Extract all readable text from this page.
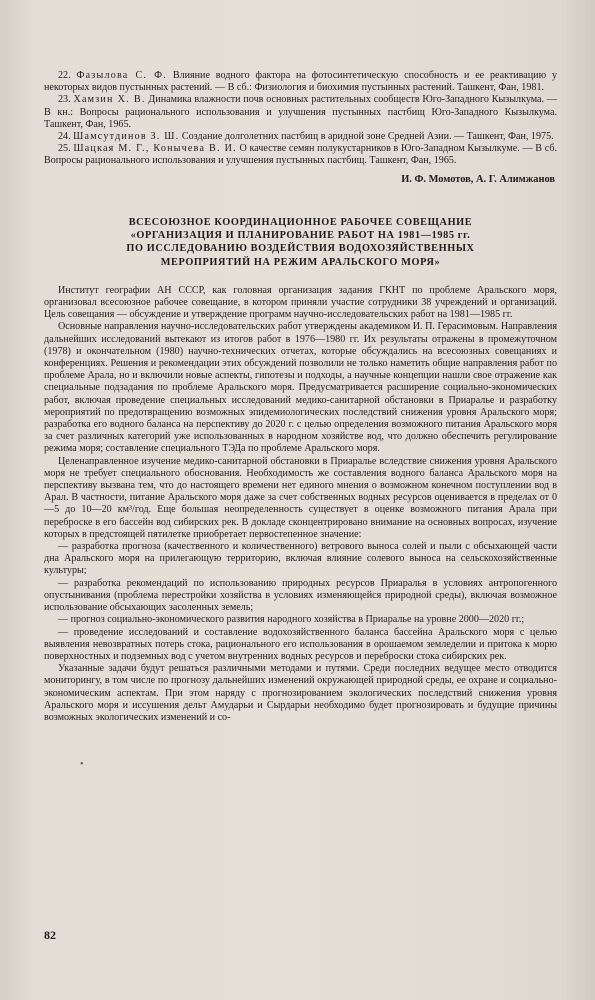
22. Фазылова С. Ф. Влияние водного фактора на фотосинтетическую способность и ее реактивацию у некоторых видов пустынных растений. — В сб.: Физиология и биохимия пустынных растений. Ташкент, Фан, 1981.

23. Хамзин Х. В. Динамика влажности почв основных растительных сообществ Юго-Западного Кызылкума. — В кн.: Вопросы рационального использования и улучшения пустынных пастбищ Юго-Западного Кызылкума. Ташкент, Фан, 1965.

24. Шамсутдинов З. Ш. Создание долголетних пастбищ в аридной зоне Средней Азии. — Ташкент, Фан, 1975.

25. Шацкая М. Г., Конычева В. И. О качестве семян полукустарников в Юго-Западном Кызылкуме. — В сб. Вопросы рационального использования и улучшения пустынных пастбищ. Ташкент, Фан, 1965.

И. Ф. Момотов, А. Г. Алимжанов
ВСЕСОЮЗНОЕ КООРДИНАЦИОННОЕ РАБОЧЕЕ СОВЕЩАНИЕ
«ОРГАНИЗАЦИЯ И ПЛАНИРОВАНИЕ РАБОТ НА 1981—1985 гг.
ПО ИССЛЕДОВАНИЮ ВОЗДЕЙСТВИЯ ВОДОХОЗЯЙСТВЕННЫХ
МЕРОПРИЯТИЙ НА РЕЖИМ АРАЛЬСКОГО МОРЯ»

Институт географии АН СССР, как головная организация задания ГКНТ по проблеме Аральского моря, организовал всесоюзное рабочее совещание, в котором приняли участие сотрудники 38 учреждений и организаций. Цель совещания — обсуждение и утверждение программ научно-исследовательских работ на 1981—1985 гг.

Основные направления научно-исследовательских работ утверждены академиком И. П. Герасимовым. Направления дальнейших исследований вытекают из итогов работ в 1976—1980 гг. Их результаты отражены в промежуточном (1978) и окончательном (1980) научно-технических отчетах, которые обсуждались на всесоюзных совещаниях и конференциях. Решения и рекомендации этих обсуждений позволили не только наметить общие направления работ по проблеме Арала, но и включили новые аспекты, гипотезы и подходы, а научные концепции нашли свое отражение как специальные подзадания по проблеме Аральского моря. Предусматривается расширение социально-экономических работ, включая проведение специальных исследований медико-санитарной обстановки в Приаралье и разработку мероприятий по предотвращению возможных эпидемиологических последствий снижения уровня Аральского моря; разработка его водного баланса на перспективу до 2020 г. с целью определения возможного питания Аральского моря за счет различных категорий уже использованных в народном хозяйстве вод, что должно обеспечить регулирование режима моря; составление специального ТЭДа по проблеме Аральского моря.

Целенаправленное изучение медико-санитарной обстановки в Приаралье вследствие снижения уровня Аральского моря не требует специального обоснования. Необходимость же составления водного баланса Аральского моря на перспективу вызвана тем, что до настоящего времени нет единого мнения о возможном конечном поступлении вод в Арал. В частности, питание Аральского моря даже за счет собственных водных ресурсов оценивается в пределах от 0—5 до 10—20 км³/год. Еще большая неопределенность существует в оценке возможного питания Арала при переброске в его бассейн вод сибирских рек. В докладе сконцентрировано внимание на основных вопросах, изучение которых в предстоящей пятилетке приобретает первостепенное значение:

— разработка прогноза (качественного и количественного) ветрового выноса солей и пыли с обсыхающей части дна Аральского моря на прилегающую территорию, включая влияние солевого выноса на сельскохозяйственные культуры;

— разработка рекомендаций по использованию природных ресурсов Приаралья в условиях антропогенного опустынивания (проблема перестройки хозяйства в условиях изменяющейся природной среды), включая возможное использование обсыхающих засоленных земель;

— прогноз социально-экономического развития народного хозяйства в Приаралье на уровне 2000—2020 гг.;

— проведение исследований и составление водохозяйственного баланса бассейна Аральского моря с целью выявления невозвратных потерь стока, рационального его использования в орошаемом земледелии и притока к морю поверхностных и подземных вод с учетом внутренних водных ресурсов и переброски стока сибирских рек.

Указанные задачи будут решаться различными методами и путями. Среди последних ведущее место отводится мониторингу, в том числе по прогнозу дальнейших изменений окружающей природной среды, ее охране и социально-экономическим аспектам. При этом наряду с прогнозированием экологических последствий снижения уровня Аральского моря и иссушения дельт Амударьи и Сырдарьи необходимо будет прогнозировать и будущие причины возможных экологических изменений и со-

•
82
